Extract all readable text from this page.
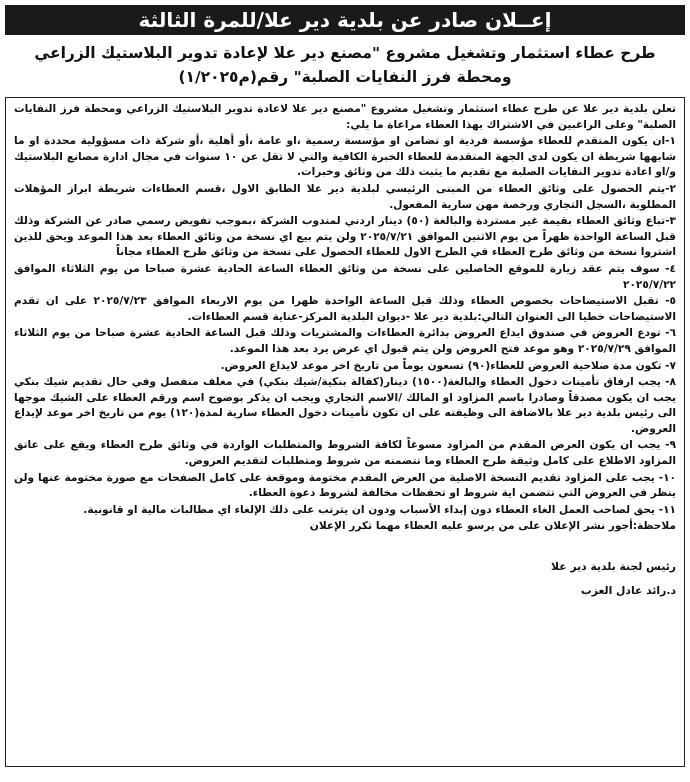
إعــلان صادر عن بلدية دير علا/للمرة الثالثة
طرح عطاء استثمار وتشغيل مشروع "مصنع دير علا لإعادة تدوير البلاستيك الزراعي ومحطة فرز النفايات الصلبة" رقم(م١/٢٠٢٥)

تعلن بلدية دير علا عن طرح عطاء استثمار وتشغيل مشروع "مصنع دير علا لاعادة تدوير البلاستيك الزراعي ومحطة فرز النفايات الصلبة" وعلى الراغبين في الاشتراك بهذا العطاء مراعاة ما يلي:

١-ان يكون المتقدم للعطاء مؤسسة فردية او تضامن او مؤسسة رسمية ،او عامة ،أو أهلية ،أو شركة ذات مسؤولية محددة او ما شابهها شريطة ان يكون لدى الجهة المتقدمة للعطاء الخبرة الكافية والتي لا تقل عن ١٠ سنوات في مجال ادارة مصانع البلاستيك و/او اعادة تدوير النفايات الصلبة مع تقديم ما يثبت ذلك من وثائق وخبرات.

٢-يتم الحصول على وثائق العطاء من المبنى الرئيسي لبلدية دير علا الطابق الاول ،قسم العطاءات شريطة ابراز المؤهلات المطلوبة ،السجل التجاري ورخصة مهن سارية المفعول.

٣-تباع وثائق العطاء بقيمة غير مستردة والبالغة (٥٠) دينار اردني لمندوب الشركة ،بموجب تفويض رسمي صادر عن الشركة وذلك قبل الساعة الواحدة ظهراً من يوم الاثنين الموافق ٢٠٢٥/٧/٢١ ولن يتم بيع اي نسخة من وثائق العطاء بعد هذا الموعد ويحق للذين اشتروا نسخة من وثائق طرح العطاء في الطرح الاول للعطاء الحصول على نسخة من وثائق طرح العطاء مجاناً

٤- سوف يتم عقد زيارة للموقع الحاصلين على نسخة من وثائق العطاء الساعة الحادية عشرة صباحا من يوم الثلاثاء الموافق ٢٠٢٥/٧/٢٢

٥- تقبل الاستيضاحات بخصوص العطاء وذلك قبل الساعة الواحدة ظهرا من يوم الاربعاء الموافق ٢٠٢٥/٧/٢٣ على ان تقدم الاستيضاحات خطيا الى العنوان التالي:بلدية دير علا -ديوان البلدية المركز-عناية قسم العطاءات.

٦- تودع العروض في صندوق ايداع العروض بدائرة العطاءات والمشتريات وذلك قبل الساعة الحادية عشرة صباحا من يوم الثلاثاء الموافق ٢٠٢٥/٧/٢٩ وهو موعد فتح العروض ولن يتم قبول اي عرض يرد بعد هذا الموعد.

٧- تكون مدة صلاحية العروض للعطاء(٩٠) تسعون يوماً من تاريخ اخر موعد لايداع العروض.

٨- يجب ارفاق تأمينات دخول العطاء والبالغة(١٥٠٠) دينار(كفالة بنكية/شيك بنكي) في مغلف منفصل وفي حال تقديم شيك بنكي يجب ان يكون مصدقاً وصادرا باسم المزاود او المالك /الاسم التجاري ويجب ان يذكر بوضوح اسم ورقم العطاء على الشيك موجها الى رئيس بلدية دير علا بالاضافة الى وظيفته على ان تكون تأمينات دخول العطاء سارية لمدة(١٢٠) يوم من تاريخ اخر موعد لإيداع العروض.

٩- يجب ان يكون العرض المقدم من المزاود مسوغاً لكافة الشروط والمتطلبات الواردة في وثائق طرح العطاء ويقع على عاتق المزاود الاطلاع على كامل وثيقة طرح العطاء وما تتضمنه من شروط ومتطلبات لتقديم العروض.

١٠- يجب على المزاود تقديم النسخة الاصلية من العرض المقدم مختومة وموقعة على كامل الصفحات مع صورة مختومة عنها ولن ينظر في العروض التي تتضمن اية شروط او تحفظات مخالفة لشروط دعوة العطاء.

١١- يحق لصاحب العمل الغاء العطاء دون إبداء الأسباب ودون ان يترتب على ذلك الإلغاء اي مطالبات مالية او قانونية.

ملاحظة:أجور نشر الإعلان على من يرسو عليه العطاء مهما تكرر الإعلان

رئيس لجنة بلدية دير علا
د.رائد عادل العزب
